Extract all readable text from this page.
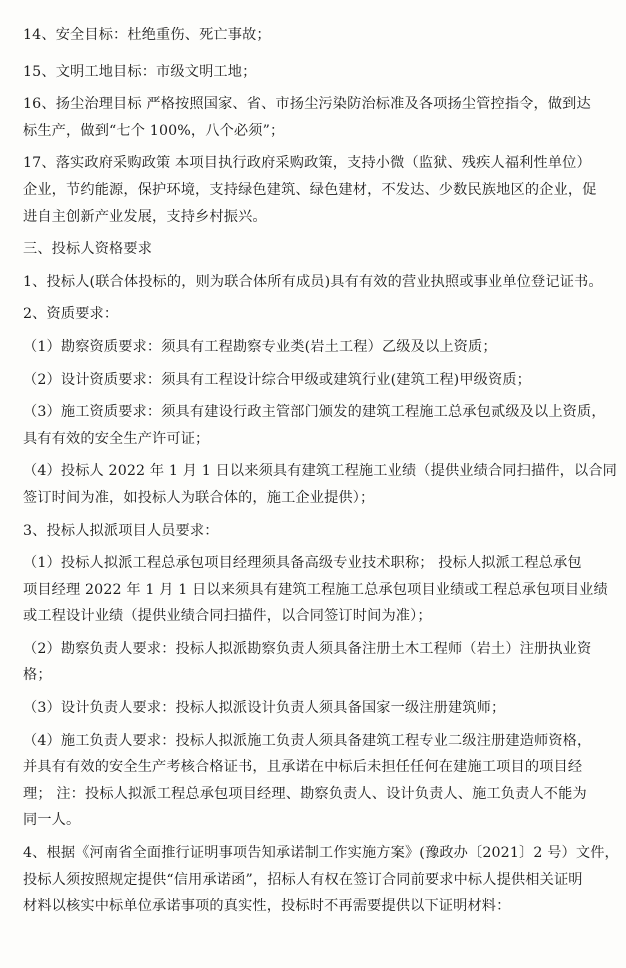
14、安全目标：杜绝重伤、死亡事故；
15、文明工地目标：市级文明工地；
16、扬尘治理目标 严格按照国家、省、市扬尘污染防治标准及各项扬尘管控指令，做到达
标生产，做到“七个 100%，八个必须”；
17、落实政府采购政策 本项目执行政府采购政策，支持小微（监狱、残疾人福利性单位）
企业，节约能源，保护环境，支持绿色建筑、绿色建材，不发达、少数民族地区的企业，促
进自主创新产业发展，支持乡村振兴。
三、投标人资格要求
1、投标人(联合体投标的，则为联合体所有成员)具有有效的营业执照或事业单位登记证书。
2、资质要求：
（1）勘察资质要求：须具有工程勘察专业类(岩土工程）乙级及以上资质；
（2）设计资质要求：须具有工程设计综合甲级或建筑行业(建筑工程)甲级资质；
（3）施工资质要求：须具有建设行政主管部门颁发的建筑工程施工总承包贰级及以上资质，
具有有效的安全生产许可证；
（4）投标人 2022 年 1 月 1 日以来须具有建筑工程施工业绩（提供业绩合同扫描件，以合同
签订时间为准，如投标人为联合体的，施工企业提供）；
3、投标人拟派项目人员要求：
（1）投标人拟派工程总承包项目经理须具备高级专业技术职称； 投标人拟派工程总承包
项目经理 2022 年 1 月 1 日以来须具有建筑工程施工总承包项目业绩或工程总承包项目业绩
或工程设计业绩（提供业绩合同扫描件，以合同签订时间为准）；
（2）勘察负责人要求：投标人拟派勘察负责人须具备注册土木工程师（岩土）注册执业资
格；
（3）设计负责人要求：投标人拟派设计负责人须具备国家一级注册建筑师；
（4）施工负责人要求：投标人拟派施工负责人须具备建筑工程专业二级注册建造师资格，
并具有有效的安全生产考核合格证书，且承诺在中标后未担任任何在建施工项目的项目经
理； 注：投标人拟派工程总承包项目经理、勘察负责人、设计负责人、施工负责人不能为
同一人。
4、根据《河南省全面推行证明事项告知承诺制工作实施方案》(豫政办〔2021〕2 号）文件，
投标人须按照规定提供“信用承诺函”，招标人有权在签订合同前要求中标人提供相关证明
材料以核实中标单位承诺事项的真实性，投标时不再需要提供以下证明材料：
